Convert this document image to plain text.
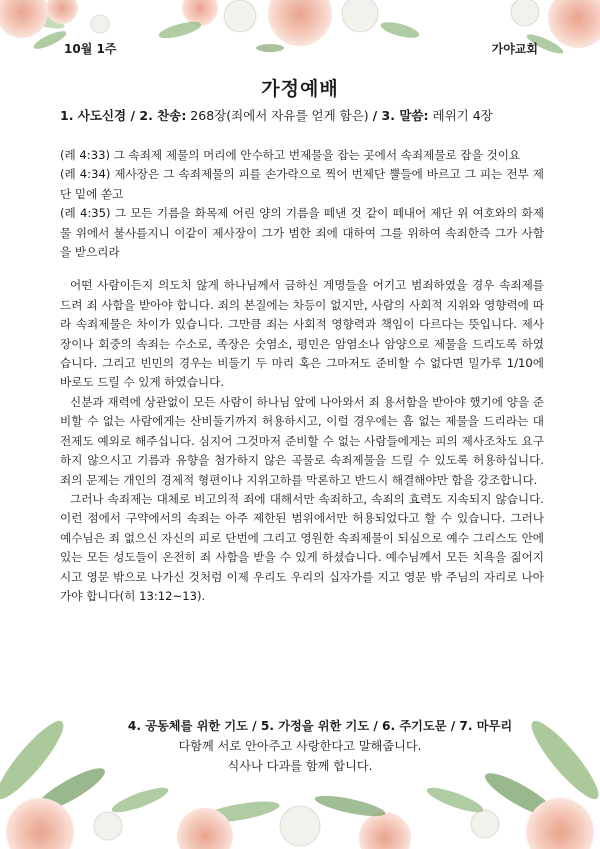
10월 1주	가야교회
가정예배
1. 사도신경 / 2. 찬송: 268장(죄에서 자유를 얻게 함은) / 3. 말씀: 레위기 4장

(레 4:33) 그 속죄제 제물의 머리에 안수하고 번제물을 잡는 곳에서 속죄제물로 잡을 것이요

(레 4:34) 제사장은 그 속죄제물의 피를 손가락으로 찍어 번제단 뿔들에 바르고 그 피는 전부 제단 밑에 쏟고

(레 4:35) 그 모든 기름을 화목제 어린 양의 기름을 떼낸 것 같이 떼내어 제단 위 여호와의 화제물 위에서 불사를지니 이같이 제사장이 그가 범한 죄에 대하여 그를 위하여 속죄한즉 그가 사함을 받으리라

어떤 사람이든지 의도치 않게 하나님께서 금하신 계명들을 어기고 범죄하였을 경우 속죄제를 드려 죄 사함을 받아야 합니다. 죄의 본질에는 차등이 없지만, 사람의 사회적 지위와 영향력에 따라 속죄제물은 차이가 있습니다. 그만큼 죄는 사회적 영향력과 책임이 다르다는 뜻입니다. 제사장이나 회중의 속죄는 수소로, 족장은 숫염소, 평민은 암염소나 암양으로 제물을 드리도록 하였습니다. 그리고 빈민의 경우는 비둘기 두 마리 혹은 그마저도 준비할 수 없다면 밀가루 1/10에 바로도 드릴 수 있게 하였습니다.

신분과 재력에 상관없이 모든 사람이 하나님 앞에 나아와서 죄 용서함을 받아야 했기에 양을 준비할 수 없는 사람에게는 산비둘기까지 허용하시고, 이럴 경우에는 흠 없는 제물을 드리라는 대전제도 예외로 해주십니다. 심지어 그것마저 준비할 수 없는 사람들에게는 피의 제사조차도 요구하지 않으시고 기름과 유향을 첨가하지 않은 곡물로 속죄제물을 드릴 수 있도록 허용하십니다. 죄의 문제는 개인의 경제적 형편이나 지위고하를 막론하고 반드시 해결해야만 함을 강조합니다.

그러나 속죄제는 대체로 비고의적 죄에 대해서만 속죄하고, 속죄의 효력도 지속되지 않습니다. 이런 점에서 구약에서의 속죄는 아주 제한된 범위에서만 허용되었다고 할 수 있습니다. 그러나 예수님은 죄 없으신 자신의 피로 단번에 그리고 영원한 속죄제물이 되심으로 예수 그리스도 안에 있는 모든 성도들이 온전히 죄 사함을 받을 수 있게 하셨습니다. 예수님께서 모든 치욕을 짊어지시고 영문 밖으로 나가신 것처럼 이제 우리도 우리의 십자가를 지고 영문 밖 주님의 자리로 나아가야 합니다(히 13:12~13).

4. 공동체를 위한 기도 / 5. 가정을 위한 기도 / 6. 주기도문 / 7. 마무리
다함께 서로 안아주고 사랑한다고 말해줍니다.
식사나 다과를 함께 합니다.
